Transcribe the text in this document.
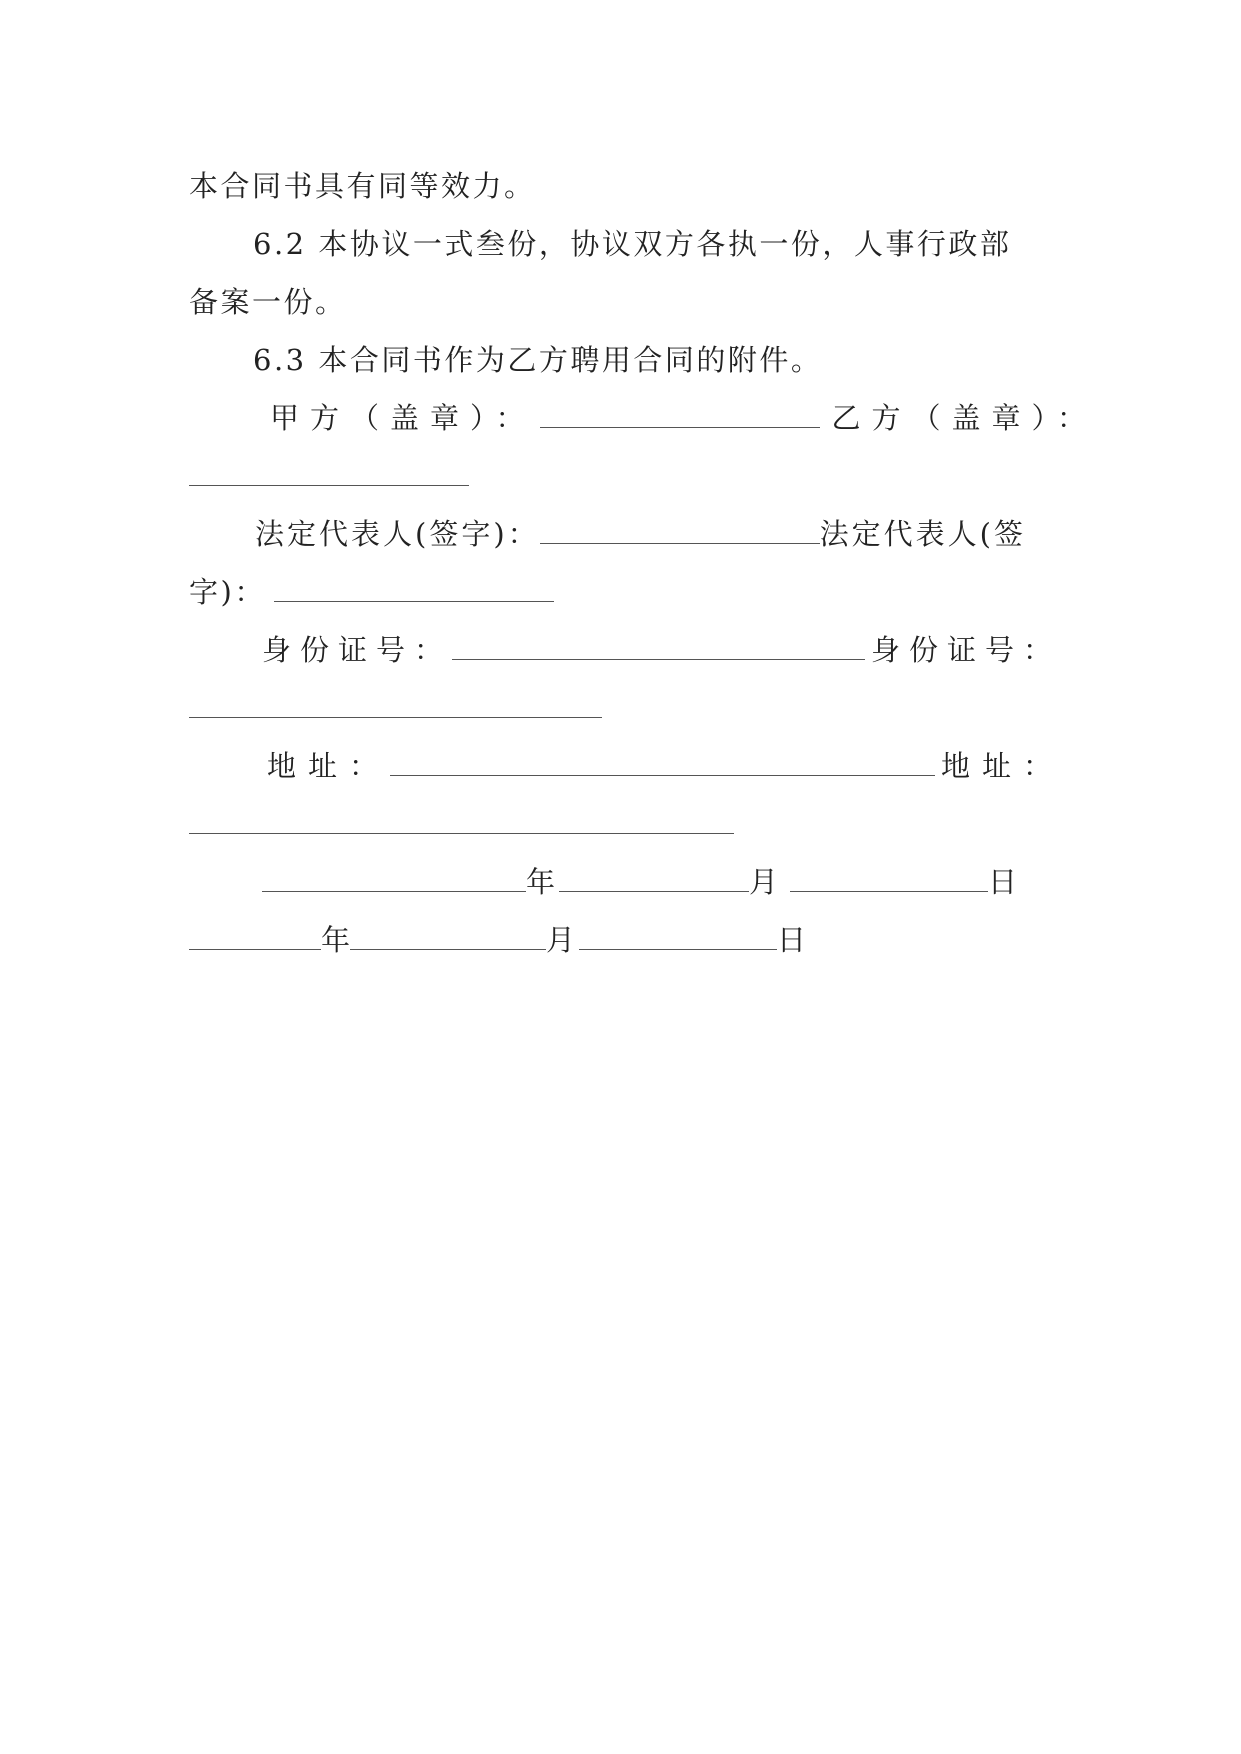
本合同书具有同等效力。
6.2 本协议一式叁份，协议双方各执一份，人事行政部
备案一份。
6.3 本合同书作为乙方聘用合同的附件。
甲方（盖章）：	乙方（盖章）：
法定代表人(签字)：	法定代表人(签
字)：
身份证号：	身份证号：
地址：	地址：
年	月	日
年	月	日
